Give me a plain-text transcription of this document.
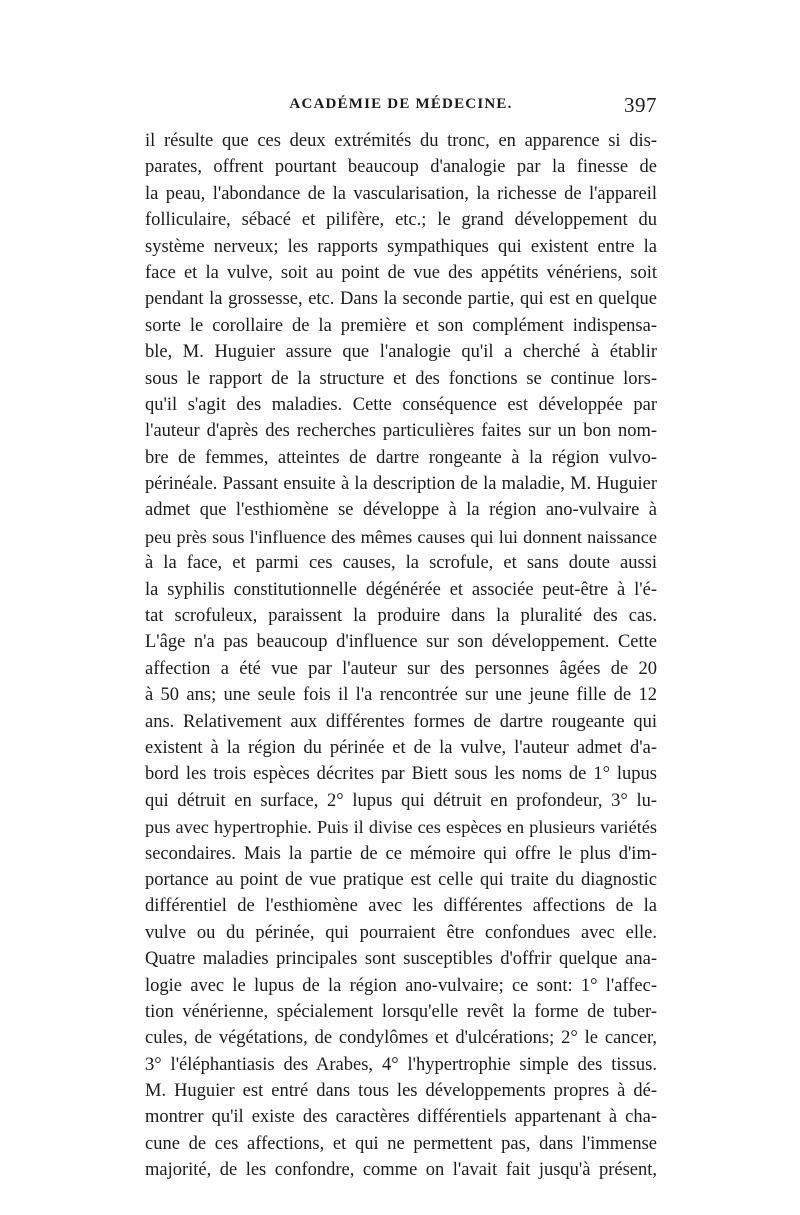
ACADÉMIE DE MÉDECINE.	397
il résulte que ces deux extrémités du tronc, en apparence si dis-
parates, offrent pourtant beaucoup d'analogie par la finesse de
la peau, l'abondance de la vascularisation, la richesse de l'appareil
folliculaire, sébacé et pilifère, etc.; le grand développement du
système nerveux; les rapports sympathiques qui existent entre la
face et la vulve, soit au point de vue des appétits vénériens, soit
pendant la grossesse, etc. Dans la seconde partie, qui est en quelque
sorte le corollaire de la première et son complément indispensa-
ble, M. Huguier assure que l'analogie qu'il a cherché à établir
sous le rapport de la structure et des fonctions se continue lors-
qu'il s'agit des maladies. Cette conséquence est développée par
l'auteur d'après des recherches particulières faites sur un bon nom-
bre de femmes, atteintes de dartre rongeante à la région vulvo-
périnéale. Passant ensuite à la description de la maladie, M. Huguier
admet que l'esthiomène se développe à la région ano-vulvaire à
peu près sous l'influence des mêmes causes qui lui donnent naissance
à la face, et parmi ces causes, la scrofule, et sans doute aussi
la syphilis constitutionnelle dégénérée et associée peut-être à l'é-
tat scrofuleux, paraissent la produire dans la pluralité des cas.
L'âge n'a pas beaucoup d'influence sur son développement. Cette
affection a été vue par l'auteur sur des personnes âgées de 20
à 50 ans; une seule fois il l'a rencontrée sur une jeune fille de 12
ans. Relativement aux différentes formes de dartre rougeante qui
existent à la région du périnée et de la vulve, l'auteur admet d'a-
bord les trois espèces décrites par Biett sous les noms de 1° lupus
qui détruit en surface, 2° lupus qui détruit en profondeur, 3° lu-
pus avec hypertrophie. Puis il divise ces espèces en plusieurs variétés
secondaires. Mais la partie de ce mémoire qui offre le plus d'im-
portance au point de vue pratique est celle qui traite du diagnostic
différentiel de l'esthiomène avec les différentes affections de la
vulve ou du périnée, qui pourraient être confondues avec elle.
Quatre maladies principales sont susceptibles d'offrir quelque ana-
logie avec le lupus de la région ano-vulvaire; ce sont: 1° l'affec-
tion vénérienne, spécialement lorsqu'elle revêt la forme de tuber-
cules, de végétations, de condylômes et d'ulcérations; 2° le cancer,
3° l'éléphantiasis des Arabes, 4° l'hypertrophie simple des tissus.
M. Huguier est entré dans tous les développements propres à dé-
montrer qu'il existe des caractères différentiels appartenant à cha-
cune de ces affections, et qui ne permettent pas, dans l'immense
majorité, de les confondre, comme on l'avait fait jusqu'à présent,
